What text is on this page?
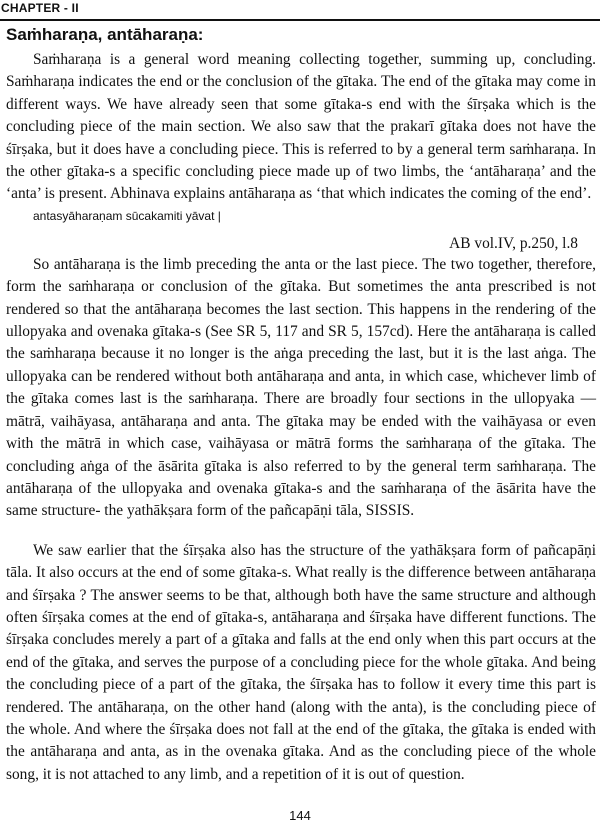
CHAPTER - II
Saṁharaṇa, antāharaṇa:

Saṁharaṇa is a general word meaning collecting together, summing up, concluding. Saṁharaṇa indicates the end or the conclusion of the gītaka. The end of the gītaka may come in different ways. We have already seen that some gītaka-s end with the śīrṣaka which is the concluding piece of the main section. We also saw that the prakarī gītaka does not have the śīrṣaka, but it does have a concluding piece. This is referred to by a general term saṁharaṇa. In the other gītaka-s a specific concluding piece made up of two limbs, the ‘antāharaṇa’ and the ‘anta’ is present. Abhinava explains antāharaṇa as ‘that which indicates the coming of the end’.

antasyāharaṇam sūcakamiti yāvat |
AB vol.IV, p.250, l.8

So antāharaṇa is the limb preceding the anta or the last piece. The two together, therefore, form the saṁharaṇa or conclusion of the gītaka. But sometimes the anta prescribed is not rendered so that the antāharaṇa becomes the last section. This happens in the rendering of the ullopyaka and ovenaka gītaka-s (See SR 5, 117 and SR 5, 157cd). Here the antāharaṇa is called the saṁharaṇa because it no longer is the aṅga preceding the last, but it is the last aṅga. The ullopyaka can be rendered without both antāharaṇa and anta, in which case, whichever limb of the gītaka comes last is the saṁharaṇa. There are broadly four sections in the ullopyaka — mātrā, vaihāyasa, antāharaṇa and anta. The gītaka may be ended with the vaihāyasa or even with the mātrā in which case, vaihāyasa or mātrā forms the saṁharaṇa of the gītaka. The concluding aṅga of the āsārita gītaka is also referred to by the general term saṁharaṇa. The antāharaṇa of the ullopyaka and ovenaka gītaka-s and the saṁharaṇa of the āsārita have the same structure- the yathākṣara form of the pañcapāṇi tāla, SISSIS.

We saw earlier that the śīrṣaka also has the structure of the yathākṣara form of pañcapāṇi tāla. It also occurs at the end of some gītaka-s. What really is the difference between antāharaṇa and śīrṣaka ? The answer seems to be that, although both have the same structure and although often śīrṣaka comes at the end of gītaka-s, antāharaṇa and śīrṣaka have different functions. The śīrṣaka concludes merely a part of a gītaka and falls at the end only when this part occurs at the end of the gītaka, and serves the purpose of a concluding piece for the whole gītaka. And being the concluding piece of a part of the gītaka, the śīrṣaka has to follow it every time this part is rendered. The antāharaṇa, on the other hand (along with the anta), is the concluding piece of the whole. And where the śīrṣaka does not fall at the end of the gītaka, the gītaka is ended with the antāharaṇa and anta, as in the ovenaka gītaka. And as the concluding piece of the whole song, it is not attached to any limb, and a repetition of it is out of question.

144
